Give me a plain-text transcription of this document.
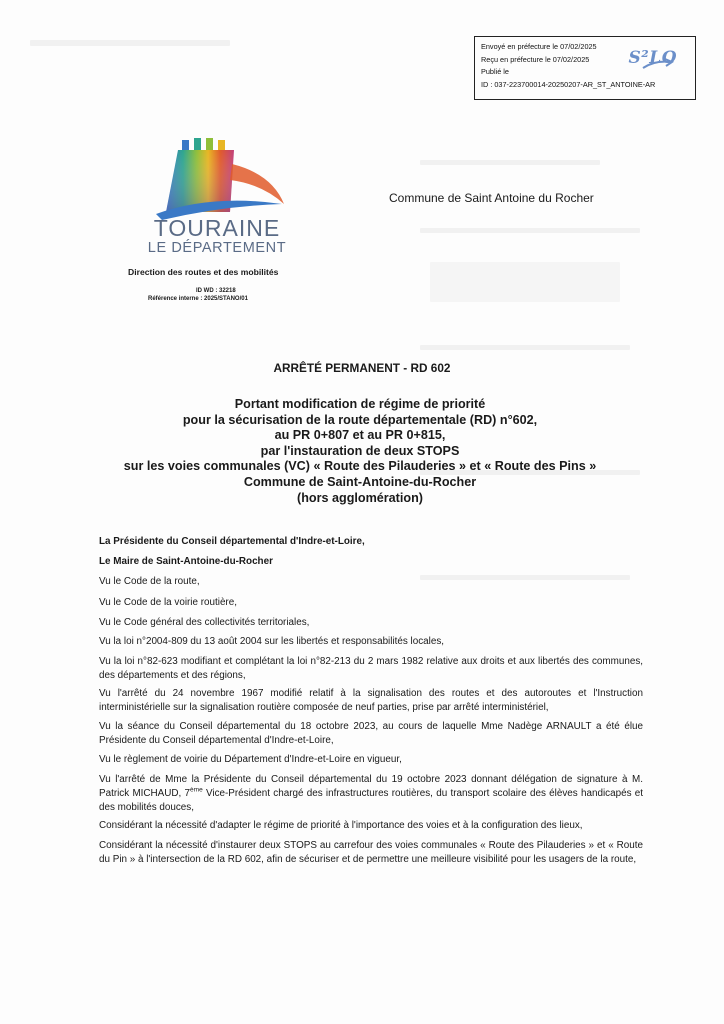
Envoyé en préfecture le 07/02/2025
Reçu en préfecture le 07/02/2025
Publié le
ID : 037-223700014-20250207-AR_ST_ANTOINE-AR
S²LO
TOURAINE
LE DÉPARTEMENT
Commune de Saint Antoine du Rocher
Direction des routes et des mobilités
ID WD : 32218
Référence interne : 2025/STANO/01
ARRÊTÉ PERMANENT - RD 602
Portant modification de régime de priorité
pour la sécurisation de la route départementale (RD) n°602,
au PR 0+807 et au PR 0+815,
par l'instauration de deux STOPS
sur les voies communales (VC) « Route des Pilauderies » et « Route des Pins »
Commune de Saint-Antoine-du-Rocher
(hors agglomération)

La Présidente du Conseil départemental d'Indre-et-Loire,

Le Maire de Saint-Antoine-du-Rocher

Vu le Code de la route,

Vu le Code de la voirie routière,

Vu le Code général des collectivités territoriales,

Vu la loi n°2004-809 du 13 août 2004 sur les libertés et responsabilités locales,

Vu la loi n°82-623 modifiant et complétant la loi n°82-213 du 2 mars 1982 relative aux droits et aux libertés des communes, des départements et des régions,

Vu l'arrêté du 24 novembre 1967 modifié relatif à la signalisation des routes et des autoroutes et l'Instruction interministérielle sur la signalisation routière composée de neuf parties, prise par arrêté interministériel,

Vu la séance du Conseil départemental du 18 octobre 2023, au cours de laquelle Mme Nadège ARNAULT a été élue Présidente du Conseil départemental d'Indre-et-Loire,

Vu le règlement de voirie du Département d'Indre-et-Loire en vigueur,

Vu l'arrêté de Mme la Présidente du Conseil départemental du 19 octobre 2023 donnant délégation de signature à M. Patrick MICHAUD, 7ème Vice-Président chargé des infrastructures routières, du transport scolaire des élèves handicapés et des mobilités douces,

Considérant la nécessité d'adapter le régime de priorité à l'importance des voies et à la configuration des lieux,

Considérant la nécessité d'instaurer deux STOPS au carrefour des voies communales « Route des Pilauderies » et « Route du Pin » à l'intersection de la RD 602, afin de sécuriser et de permettre une meilleure visibilité pour les usagers de la route,
